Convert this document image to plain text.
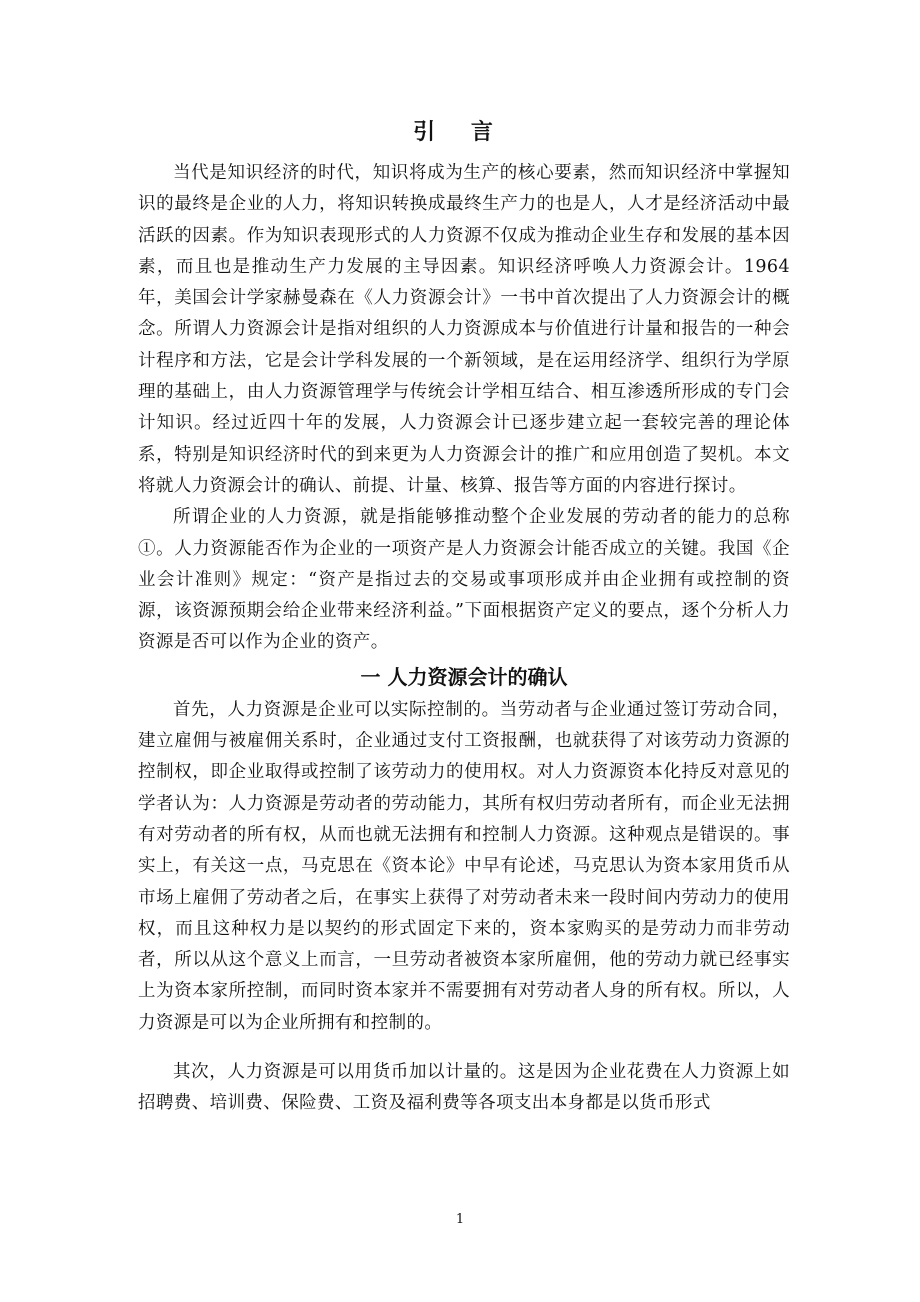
引 言

当代是知识经济的时代，知识将成为生产的核心要素，然而知识经济中掌握知识的最终是企业的人力，将知识转换成最终生产力的也是人，人才是经济活动中最活跃的因素。作为知识表现形式的人力资源不仅成为推动企业生存和发展的基本因素，而且也是推动生产力发展的主导因素。知识经济呼唤人力资源会计。1964 年，美国会计学家赫曼森在《人力资源会计》一书中首次提出了人力资源会计的概念。所谓人力资源会计是指对组织的人力资源成本与价值进行计量和报告的一种会计程序和方法，它是会计学科发展的一个新领域，是在运用经济学、组织行为学原理的基础上，由人力资源管理学与传统会计学相互结合、相互渗透所形成的专门会计知识。经过近四十年的发展，人力资源会计已逐步建立起一套较完善的理论体系，特别是知识经济时代的到来更为人力资源会计的推广和应用创造了契机。本文将就人力资源会计的确认、前提、计量、核算、报告等方面的内容进行探讨。

所谓企业的人力资源，就是指能够推动整个企业发展的劳动者的能力的总称①。人力资源能否作为企业的一项资产是人力资源会计能否成立的关键。我国《企业会计准则》规定：“资产是指过去的交易或事项形成并由企业拥有或控制的资源，该资源预期会给企业带来经济利益。”下面根据资产定义的要点，逐个分析人力资源是否可以作为企业的资产。

一 人力资源会计的确认

首先，人力资源是企业可以实际控制的。当劳动者与企业通过签订劳动合同，建立雇佣与被雇佣关系时，企业通过支付工资报酬，也就获得了对该劳动力资源的控制权，即企业取得或控制了该劳动力的使用权。对人力资源资本化持反对意见的学者认为：人力资源是劳动者的劳动能力，其所有权归劳动者所有，而企业无法拥有对劳动者的所有权，从而也就无法拥有和控制人力资源。这种观点是错误的。事实上，有关这一点，马克思在《资本论》中早有论述，马克思认为资本家用货币从市场上雇佣了劳动者之后，在事实上获得了对劳动者未来一段时间内劳动力的使用权，而且这种权力是以契约的形式固定下来的，资本家购买的是劳动力而非劳动者，所以从这个意义上而言，一旦劳动者被资本家所雇佣，他的劳动力就已经事实上为资本家所控制，而同时资本家并不需要拥有对劳动者人身的所有权。所以，人力资源是可以为企业所拥有和控制的。

其次，人力资源是可以用货币加以计量的。这是因为企业花费在人力资源上如招聘费、培训费、保险费、工资及福利费等各项支出本身都是以货币形式

1
